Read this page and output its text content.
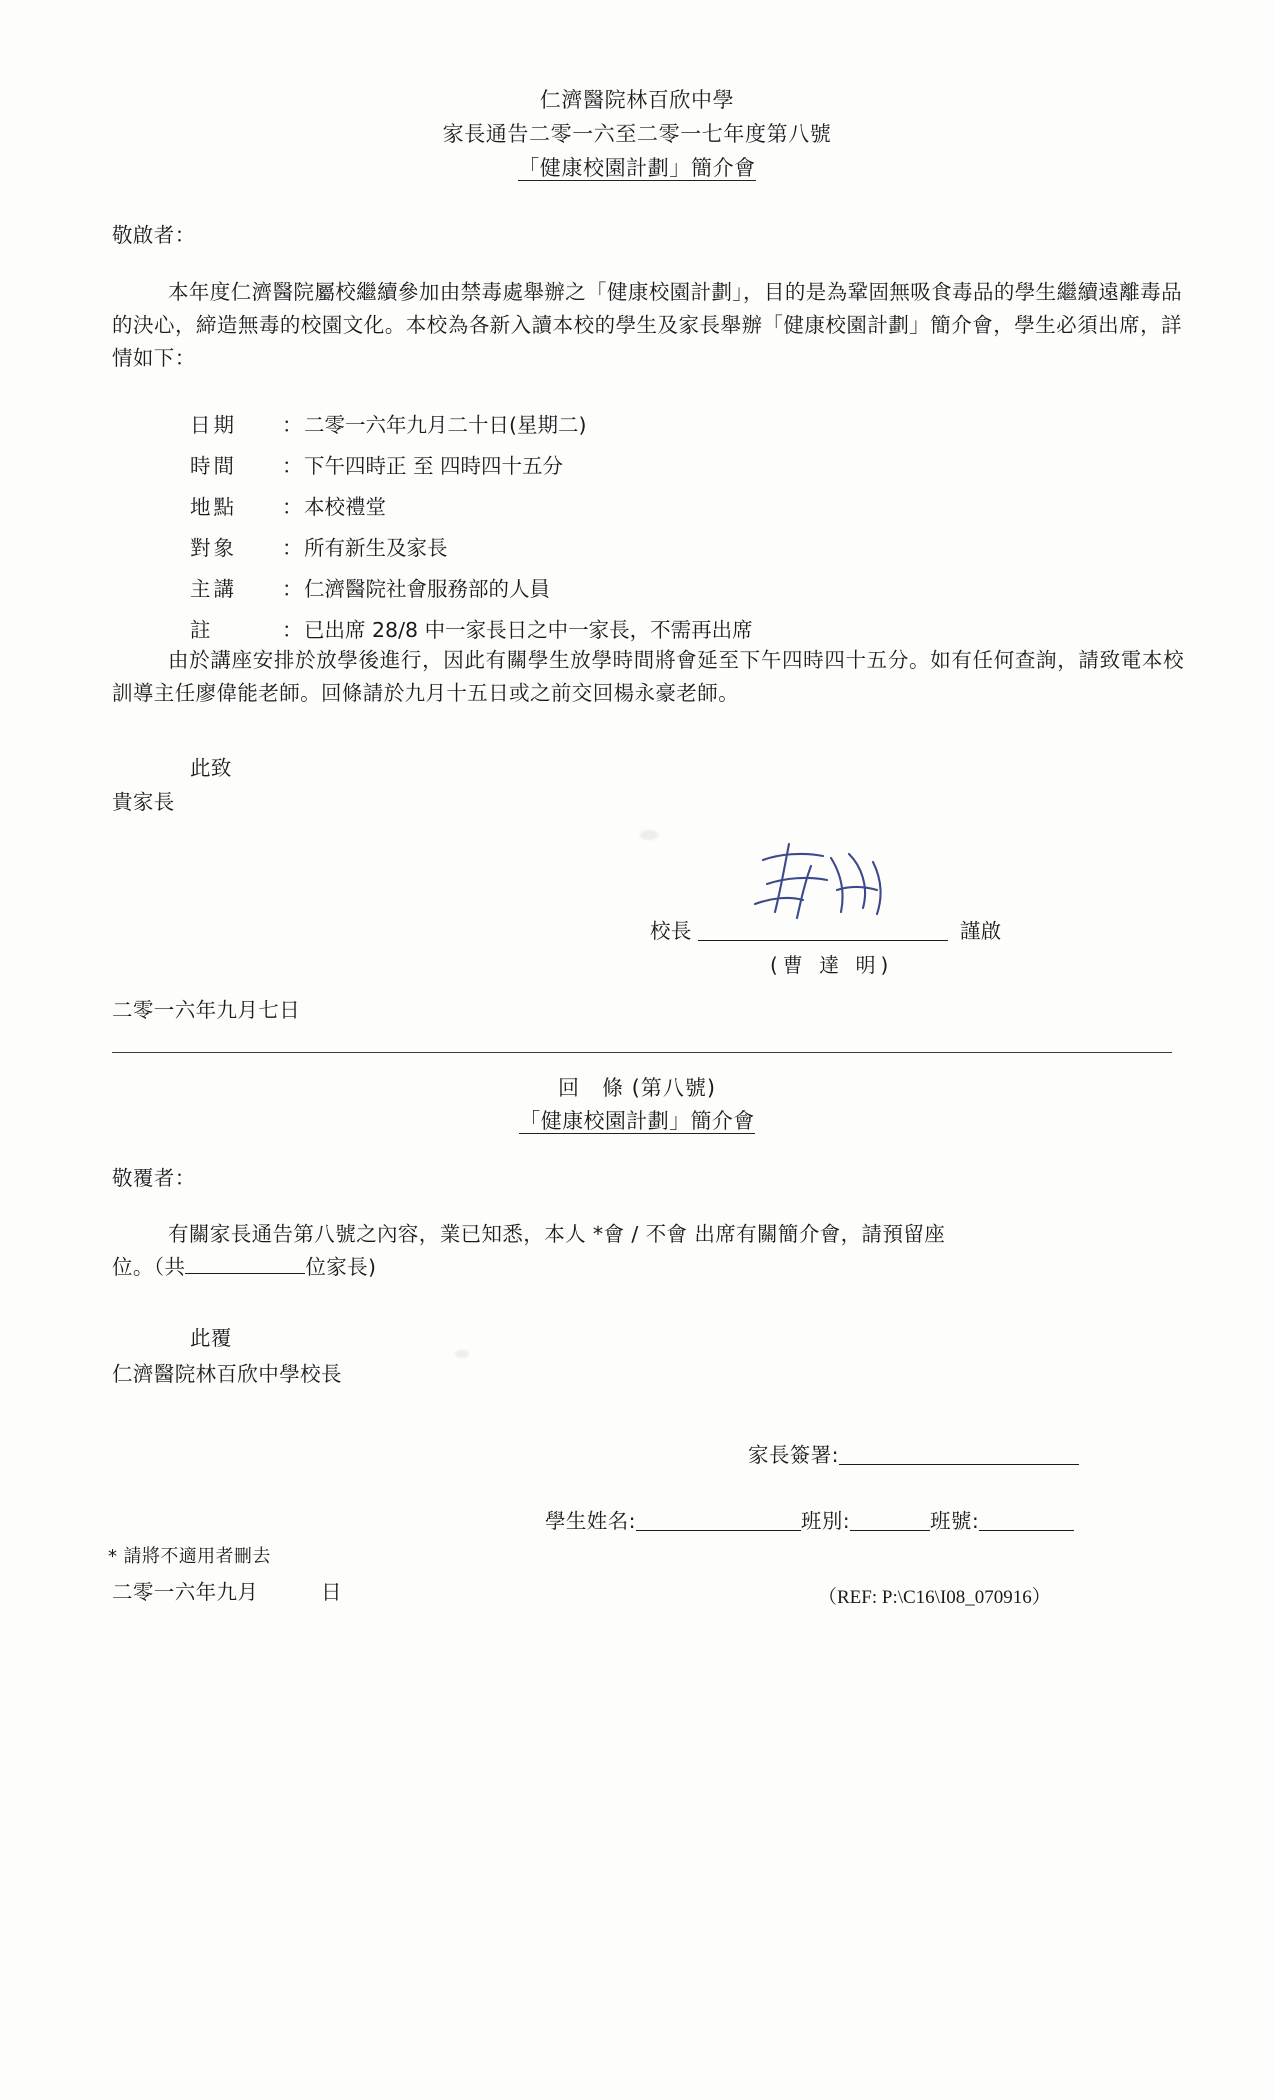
仁濟醫院林百欣中學
家長通告二零一六至二零一七年度第八號
「健康校園計劃」簡介會
敬啟者：
本年度仁濟醫院屬校繼續參加由禁毒處舉辦之「健康校園計劃」，目的是為鞏固無吸食毒品的學生繼續遠離毒品的決心，締造無毒的校園文化。本校為各新入讀本校的學生及家長舉辦「健康校園計劃」簡介會，學生必須出席，詳情如下：
日期	： 二零一六年九月二十日(星期二)
時間	： 下午四時正 至 四時四十五分
地點	： 本校禮堂
對象	： 所有新生及家長
主講	： 仁濟醫院社會服務部的人員
註	： 已出席 28/8 中一家長日之中一家長，不需再出席
由於講座安排於放學後進行，因此有關學生放學時間將會延至下午四時四十五分。如有任何查詢，請致電本校訓導主任廖偉能老師。回條請於九月十五日或之前交回楊永豪老師。
此致
貴家長
校長	謹啟
(曹 達 明)
二零一六年九月七日
回　條 (第八號)
「健康校園計劃」簡介會
敬覆者：
有關家長通告第八號之內容，業已知悉，本人 *會 / 不會 出席有關簡介會，請預留座
位。（共	位家長)
此覆
仁濟醫院林百欣中學校長
家長簽署:
學生姓名:	班別:	班號:
* 請將不適用者刪去
二零一六年九月　　　日	（REF: P:\C16\I08_070916）
